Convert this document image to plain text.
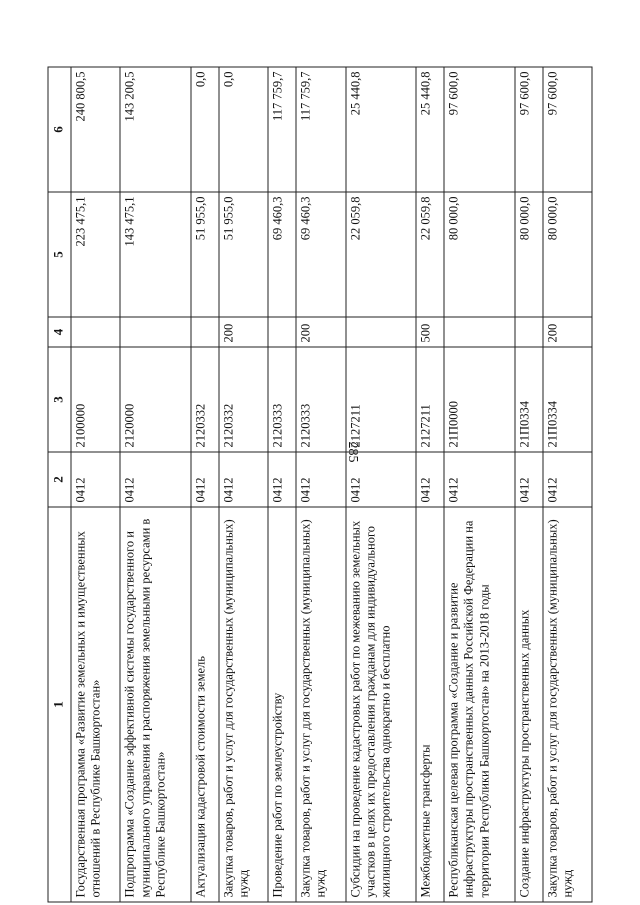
285
1	2	3	4	5	6
Государственная программа «Развитие земельных и имущественных отношений в Республике Башкортостан»	0412	2100000		223 475,1	240 800,5
Подпрограмма «Создание эффективной системы государственного и муниципального управления и распоряжения земельными ресурсами в Республике Башкортостан»	0412	2120000		143 475,1	143 200,5
Актуализация кадастровой стоимости земель	0412	2120332		51 955,0	0,0
Закупка товаров, работ и услуг для государственных (муниципальных) нужд	0412	2120332	200	51 955,0	0,0
Проведение работ по землеустройству	0412	2120333		69 460,3	117 759,7
Закупка товаров, работ и услуг для государственных (муниципальных) нужд	0412	2120333	200	69 460,3	117 759,7
Субсидии на проведение кадастровых работ по межеванию земельных участков в целях их предоставления гражданам для индивидуального жилищного строительства однократно и бесплатно	0412	2127211		22 059,8	25 440,8
Межбюджетные трансферты	0412	2127211	500	22 059,8	25 440,8
Республиканская целевая программа «Создание и развитие инфраструктуры пространственных данных Российской Федерации на территории Республики Башкортостан» на 2013-2018 годы	0412	21П0000		80 000,0	97 600,0
Создание инфраструктуры пространственных данных	0412	21П0334		80 000,0	97 600,0
Закупка товаров, работ и услуг для государственных (муниципальных) нужд	0412	21П0334	200	80 000,0	97 600,0
